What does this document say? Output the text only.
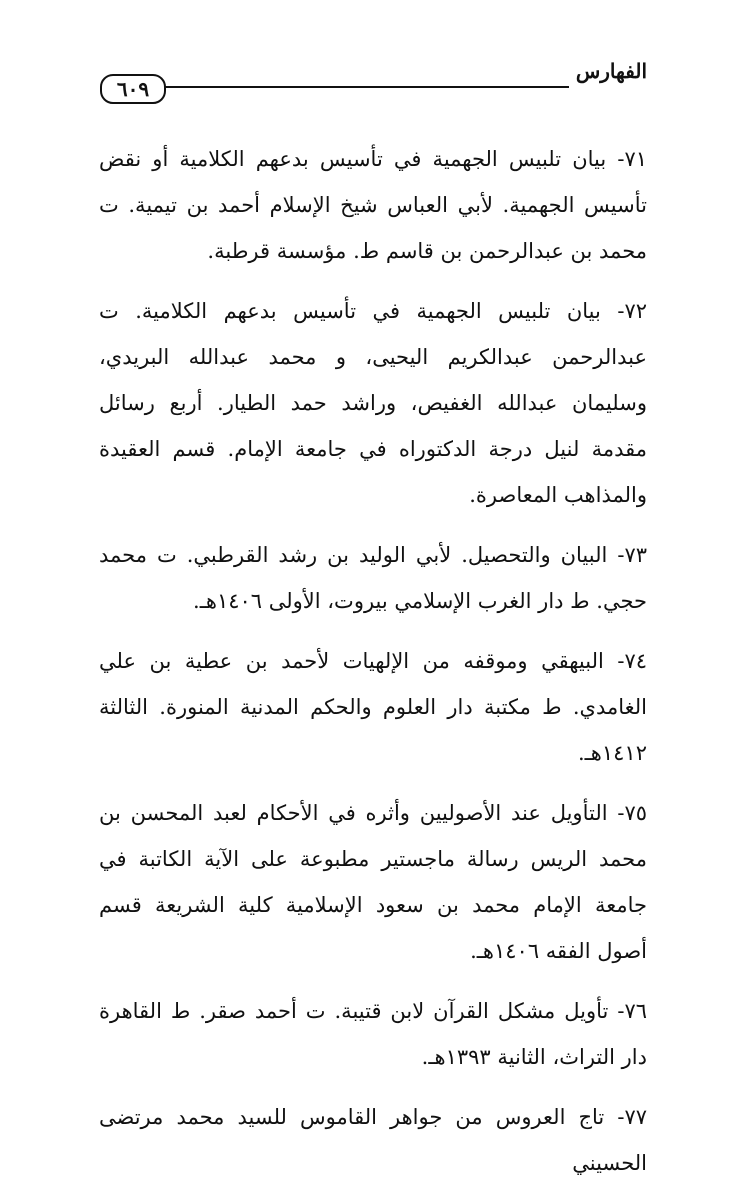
الفهارس
٦٠٩

٧١- بيان تلبيس الجهمية في تأسيس بدعهم الكلامية أو نقض تأسيس الجهمية. لأبي العباس شيخ الإسلام أحمد بن تيمية. ت محمد بن عبدالرحمن بن قاسم ط. مؤسسة قرطبة.

٧٢- بيان تلبيس الجهمية في تأسيس بدعهم الكلامية. ت عبدالرحمن عبدالكريم اليحيى، و محمد عبدالله البريدي، وسليمان عبدالله الغفيص، وراشد حمد الطيار. أربع رسائل مقدمة لنيل درجة الدكتوراه في جامعة الإمام. قسم العقيدة والمذاهب المعاصرة.

٧٣- البيان والتحصيل. لأبي الوليد بن رشد القرطبي. ت محمد حجي. ط دار الغرب الإسلامي بيروت، الأولى ١٤٠٦هـ.

٧٤- البيهقي وموقفه من الإلهيات لأحمد بن عطية بن علي الغامدي. ط مكتبة دار العلوم والحكم المدنية المنورة. الثالثة ١٤١٢هـ.

٧٥- التأويل عند الأصوليين وأثره في الأحكام لعبد المحسن بن محمد الريس رسالة ماجستير مطبوعة على الآية الكاتبة في جامعة الإمام محمد بن سعود الإسلامية كلية الشريعة قسم أصول الفقه ١٤٠٦هـ.

٧٦- تأويل مشكل القرآن لابن قتيبة. ت أحمد صقر. ط القاهرة دار التراث، الثانية ١٣٩٣هـ.

٧٧- تاج العروس من جواهر القاموس للسيد محمد مرتضى الحسيني
